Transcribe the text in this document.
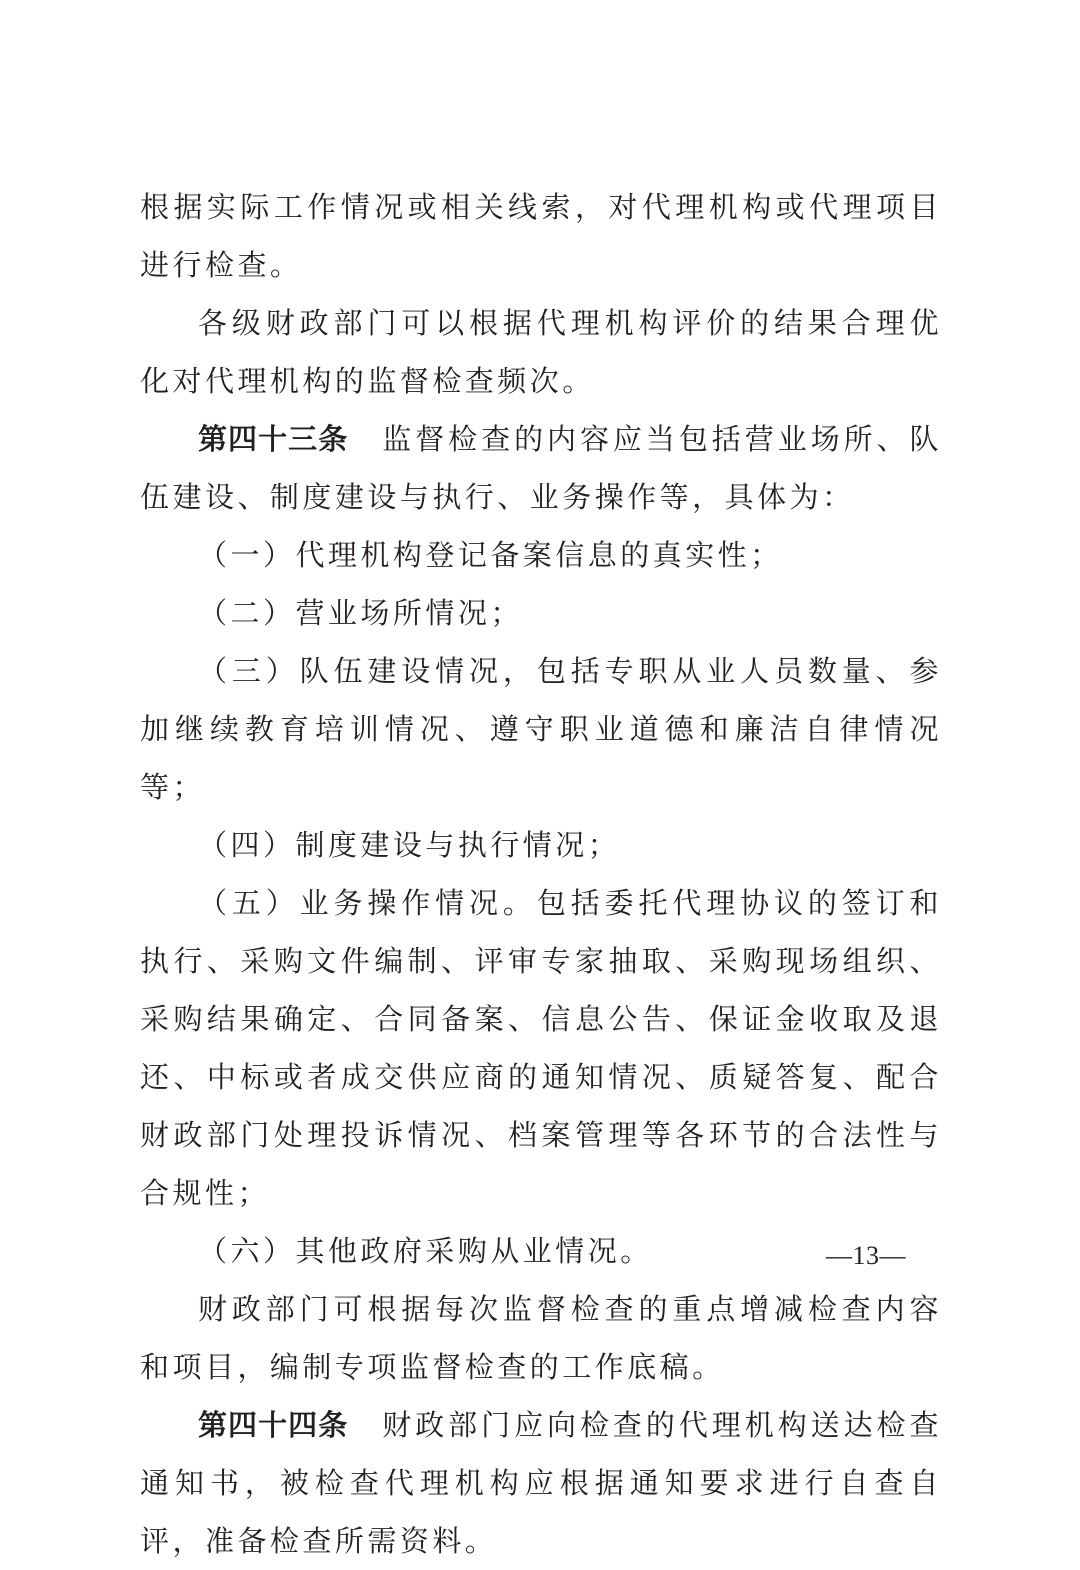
根据实际工作情况或相关线索，对代理机构或代理项目进行检查。

各级财政部门可以根据代理机构评价的结果合理优化对代理机构的监督检查频次。

第四十三条 监督检查的内容应当包括营业场所、队伍建设、制度建设与执行、业务操作等，具体为：

（一）代理机构登记备案信息的真实性；

（二）营业场所情况；

（三）队伍建设情况，包括专职从业人员数量、参加继续教育培训情况、遵守职业道德和廉洁自律情况等；

（四）制度建设与执行情况；

（五）业务操作情况。包括委托代理协议的签订和执行、采购文件编制、评审专家抽取、采购现场组织、采购结果确定、合同备案、信息公告、保证金收取及退还、中标或者成交供应商的通知情况、质疑答复、配合财政部门处理投诉情况、档案管理等各环节的合法性与合规性；

（六）其他政府采购从业情况。

财政部门可根据每次监督检查的重点增减检查内容和项目，编制专项监督检查的工作底稿。

第四十四条 财政部门应向检查的代理机构送达检查通知书，被检查代理机构应根据通知要求进行自查自评，准备检查所需资料。

—13—
